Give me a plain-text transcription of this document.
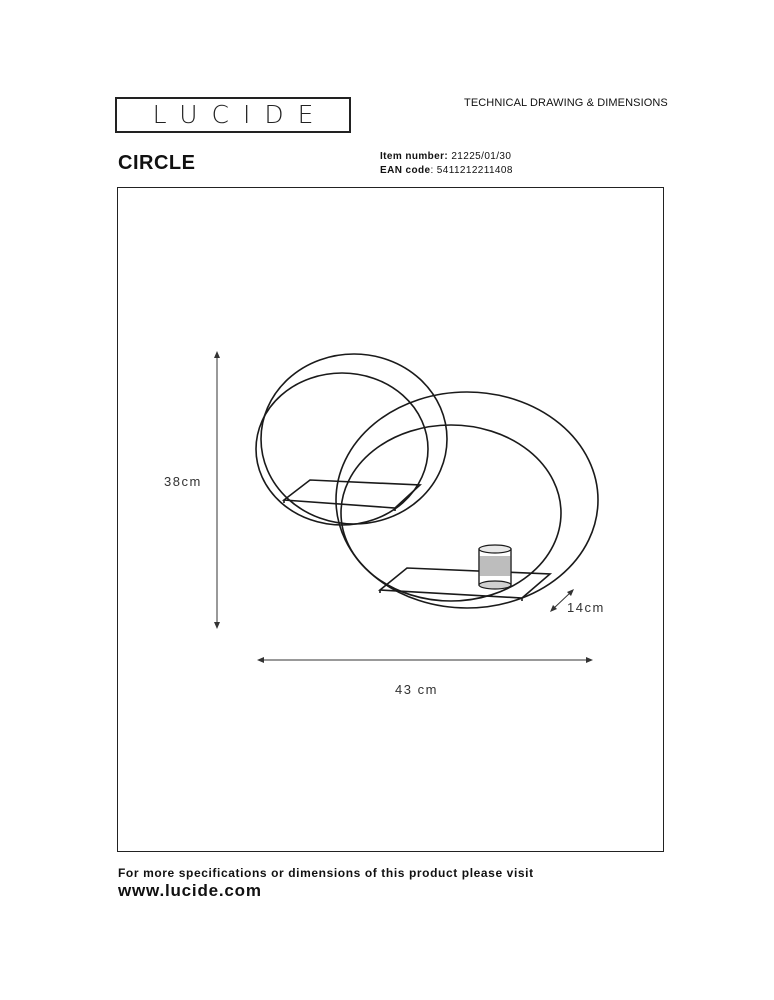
LUCIDE	TECHNICAL DRAWING & DIMENSIONS
CIRCLE	Item number: 21225/01/30
EAN code: 5411212211408
38cm
14cm
43 cm
For more specifications or dimensions of this product please visit
www.lucide.com
